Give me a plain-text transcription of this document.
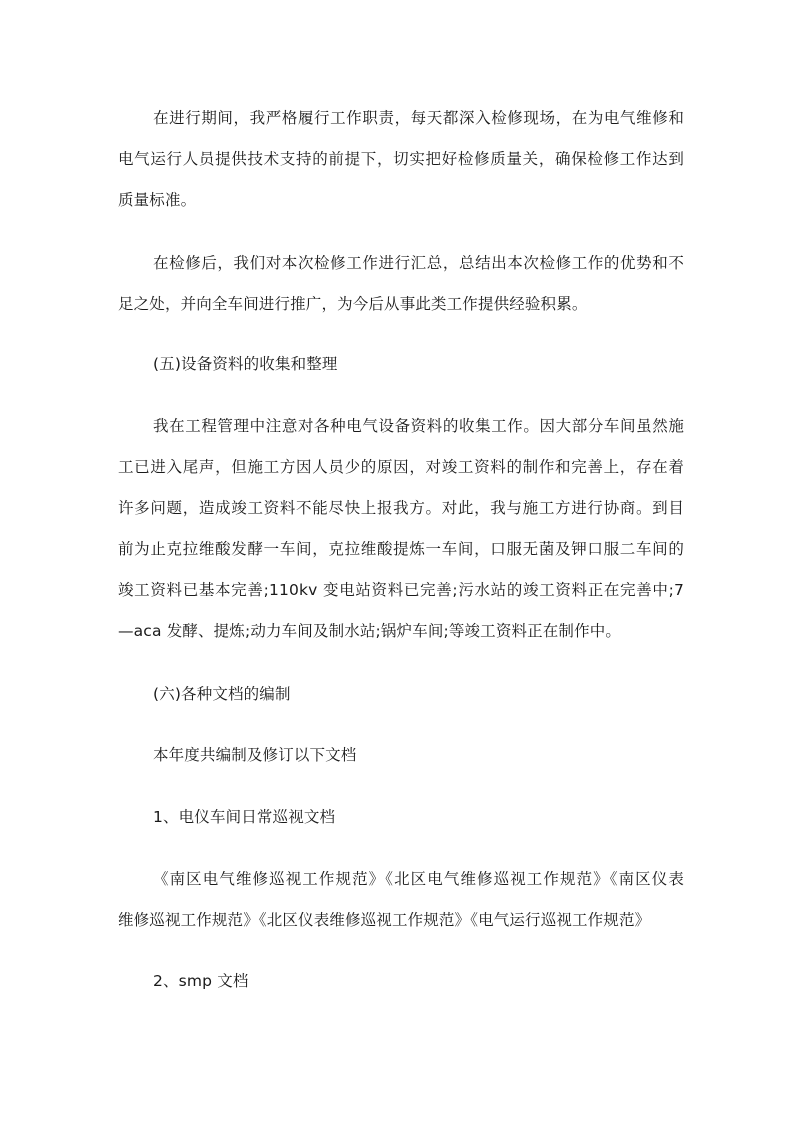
在进行期间，我严格履行工作职责，每天都深入检修现场，在为电气维修和
电气运行人员提供技术支持的前提下，切实把好检修质量关，确保检修工作达到
质量标准。
在检修后，我们对本次检修工作进行汇总，总结出本次检修工作的优势和不
足之处，并向全车间进行推广，为今后从事此类工作提供经验积累。
(五)设备资料的收集和整理
我在工程管理中注意对各种电气设备资料的收集工作。因大部分车间虽然施
工已进入尾声，但施工方因人员少的原因，对竣工资料的制作和完善上，存在着
许多问题，造成竣工资料不能尽快上报我方。对此，我与施工方进行协商。到目
前为止克拉维酸发酵一车间，克拉维酸提炼一车间，口服无菌及钾口服二车间的
竣工资料已基本完善;110kv 变电站资料已完善;污水站的竣工资料正在完善中;7
—aca 发酵、提炼;动力车间及制水站;锅炉车间;等竣工资料正在制作中。
(六)各种文档的编制
本年度共编制及修订以下文档
1、电仪车间日常巡视文档
《南区电气维修巡视工作规范》《北区电气维修巡视工作规范》《南区仪表
维修巡视工作规范》《北区仪表维修巡视工作规范》《电气运行巡视工作规范》
2、smp 文档
